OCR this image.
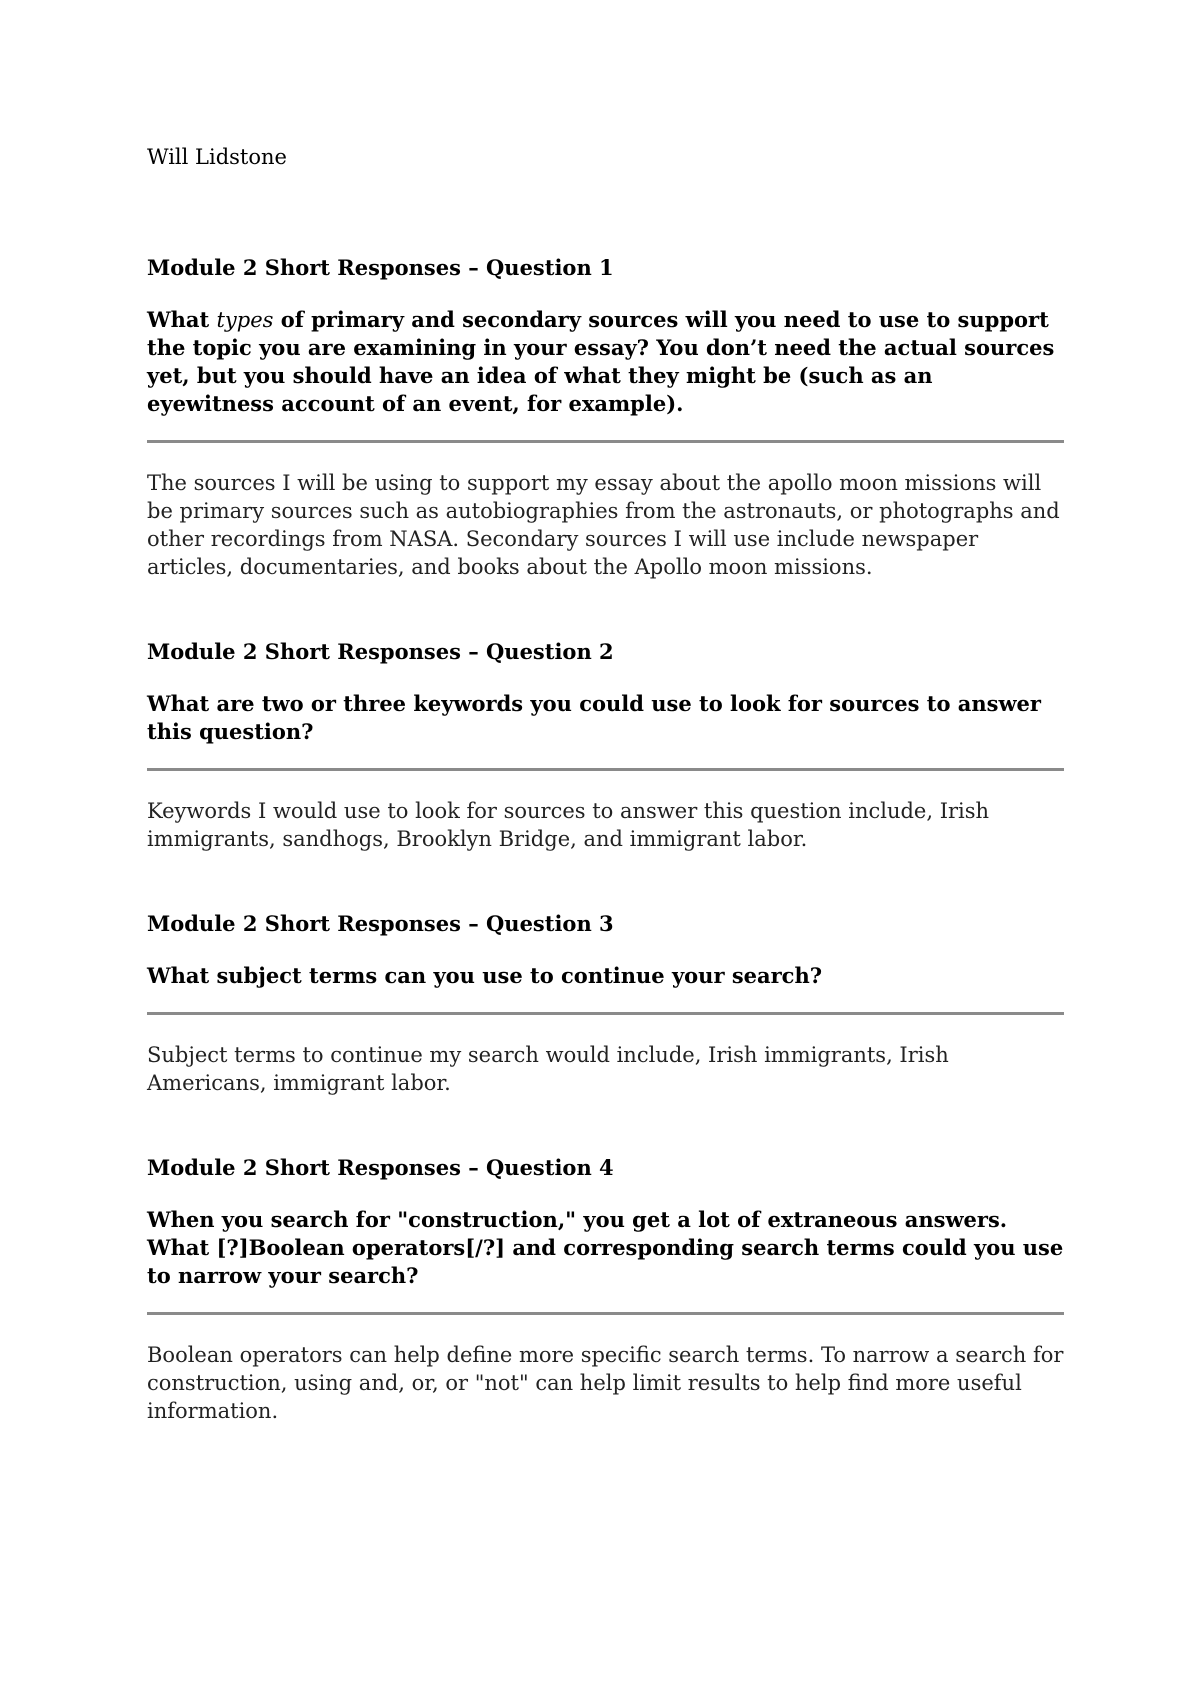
Will Lidstone

Module 2 Short Responses – Question 1

What types of primary and secondary sources will you need to use to support the topic you are examining in your essay? You don’t need the actual sources yet, but you should have an idea of what they might be (such as an eyewitness account of an event, for example).

The sources I will be using to support my essay about the apollo moon missions will be primary sources such as autobiographies from the astronauts, or photographs and other recordings from NASA. Secondary sources I will use include newspaper articles, documentaries, and books about the Apollo moon missions.

Module 2 Short Responses – Question 2

What are two or three keywords you could use to look for sources to answer this question?

Keywords I would use to look for sources to answer this question include, Irish immigrants, sandhogs, Brooklyn Bridge, and immigrant labor.

Module 2 Short Responses – Question 3

What subject terms can you use to continue your search?

Subject terms to continue my search would include, Irish immigrants, Irish Americans, immigrant labor.

Module 2 Short Responses – Question 4

When you search for "construction," you get a lot of extraneous answers. What [?]Boolean operators[/?] and corresponding search terms could you use to narrow your search?

Boolean operators can help define more specific search terms. To narrow a search for construction, using and, or, or "not" can help limit results to help find more useful information.
